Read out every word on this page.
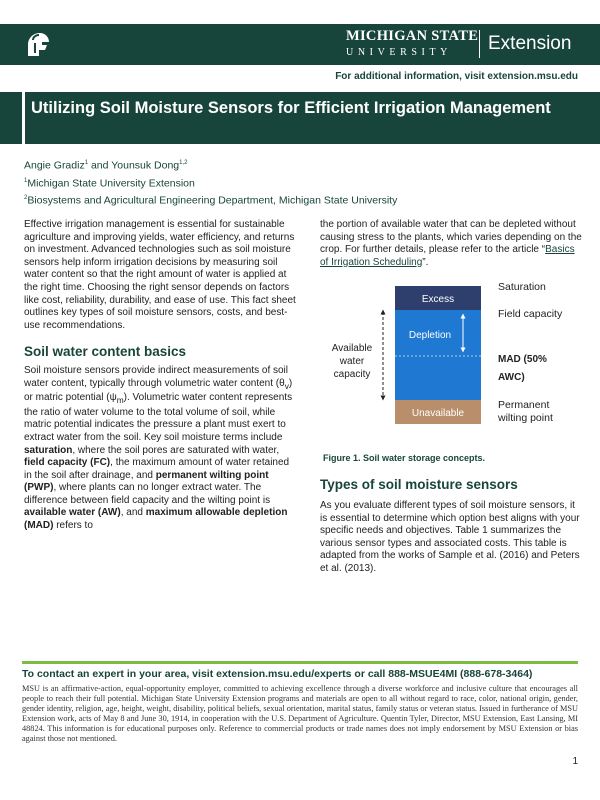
MICHIGAN STATE
UNIVERSITY	Extension
For additional information, visit extension.msu.edu
Utilizing Soil Moisture Sensors for Efficient Irrigation Management
Angie Gradiz$^1$ and Younsuk Dong$^{1,2}$
$^1$Michigan State University Extension
$^2$Biosystems and Agricultural Engineering Department, Michigan State University

Effective irrigation management is essential for sustainable agriculture and improving yields, water efficiency, and returns on investment. Advanced technologies such as soil moisture sensors help inform irrigation decisions by measuring soil water content so that the right amount of water is applied at the right time. Choosing the right sensor depends on factors like cost, reliability, durability, and ease of use. This fact sheet outlines key types of soil moisture sensors, costs, and best-use recommendations.

Soil water content basics

Soil moisture sensors provide indirect measurements of soil water content, typically through volumetric water content $(\theta_v)$ or matric potential $(\psi_m)$. Volumetric water content represents the ratio of water volume to the total volume of soil, while matric potential indicates the pressure a plant must exert to extract water from the soil. Key soil moisture terms include saturation, where the soil pores are saturated with water, field capacity (FC), the maximum amount of water retained in the soil after drainage, and permanent wilting point (PWP), where plants can no longer extract water. The difference between field capacity and the wilting point is available water (AW), and maximum allowable depletion (MAD) refers to

the portion of available water that can be depleted without causing stress to the plants, which varies depending on the crop. For further details, please refer to the article “Basics of Irrigation Scheduling”.

Excess
Depletion
Unavailable
Available
water
capacity
Saturation
Field capacity
MAD (50%
AWC)
Permanent
wilting point
Figure 1. Soil water storage concepts.
Types of soil moisture sensors
As you evaluate different types of soil moisture sensors, it is essential to determine which option best aligns with your specific needs and objectives. Table 1 summarizes the various sensor types and associated costs. This table is adapted from the works of Sample et al. (2016) and Peters et al. (2013).
To contact an expert in your area, visit extension.msu.edu/experts or call 888-MSUE4MI (888-678-3464)
MSU is an affirmative-action, equal-opportunity employer, committed to achieving excellence through a diverse workforce and inclusive culture that encourages all people to reach their full potential. Michigan State University Extension programs and materials are open to all without regard to race, color, national origin, gender, gender identity, religion, age, height, weight, disability, political beliefs, sexual orientation, marital status, family status or veteran status. Issued in furtherance of MSU Extension work, acts of May 8 and June 30, 1914, in cooperation with the U.S. Department of Agriculture. Quentin Tyler, Director, MSU Extension, East Lansing, MI 48824. This information is for educational purposes only. Reference to commercial products or trade names does not imply endorsement by MSU Extension or bias against those not mentioned.
1
